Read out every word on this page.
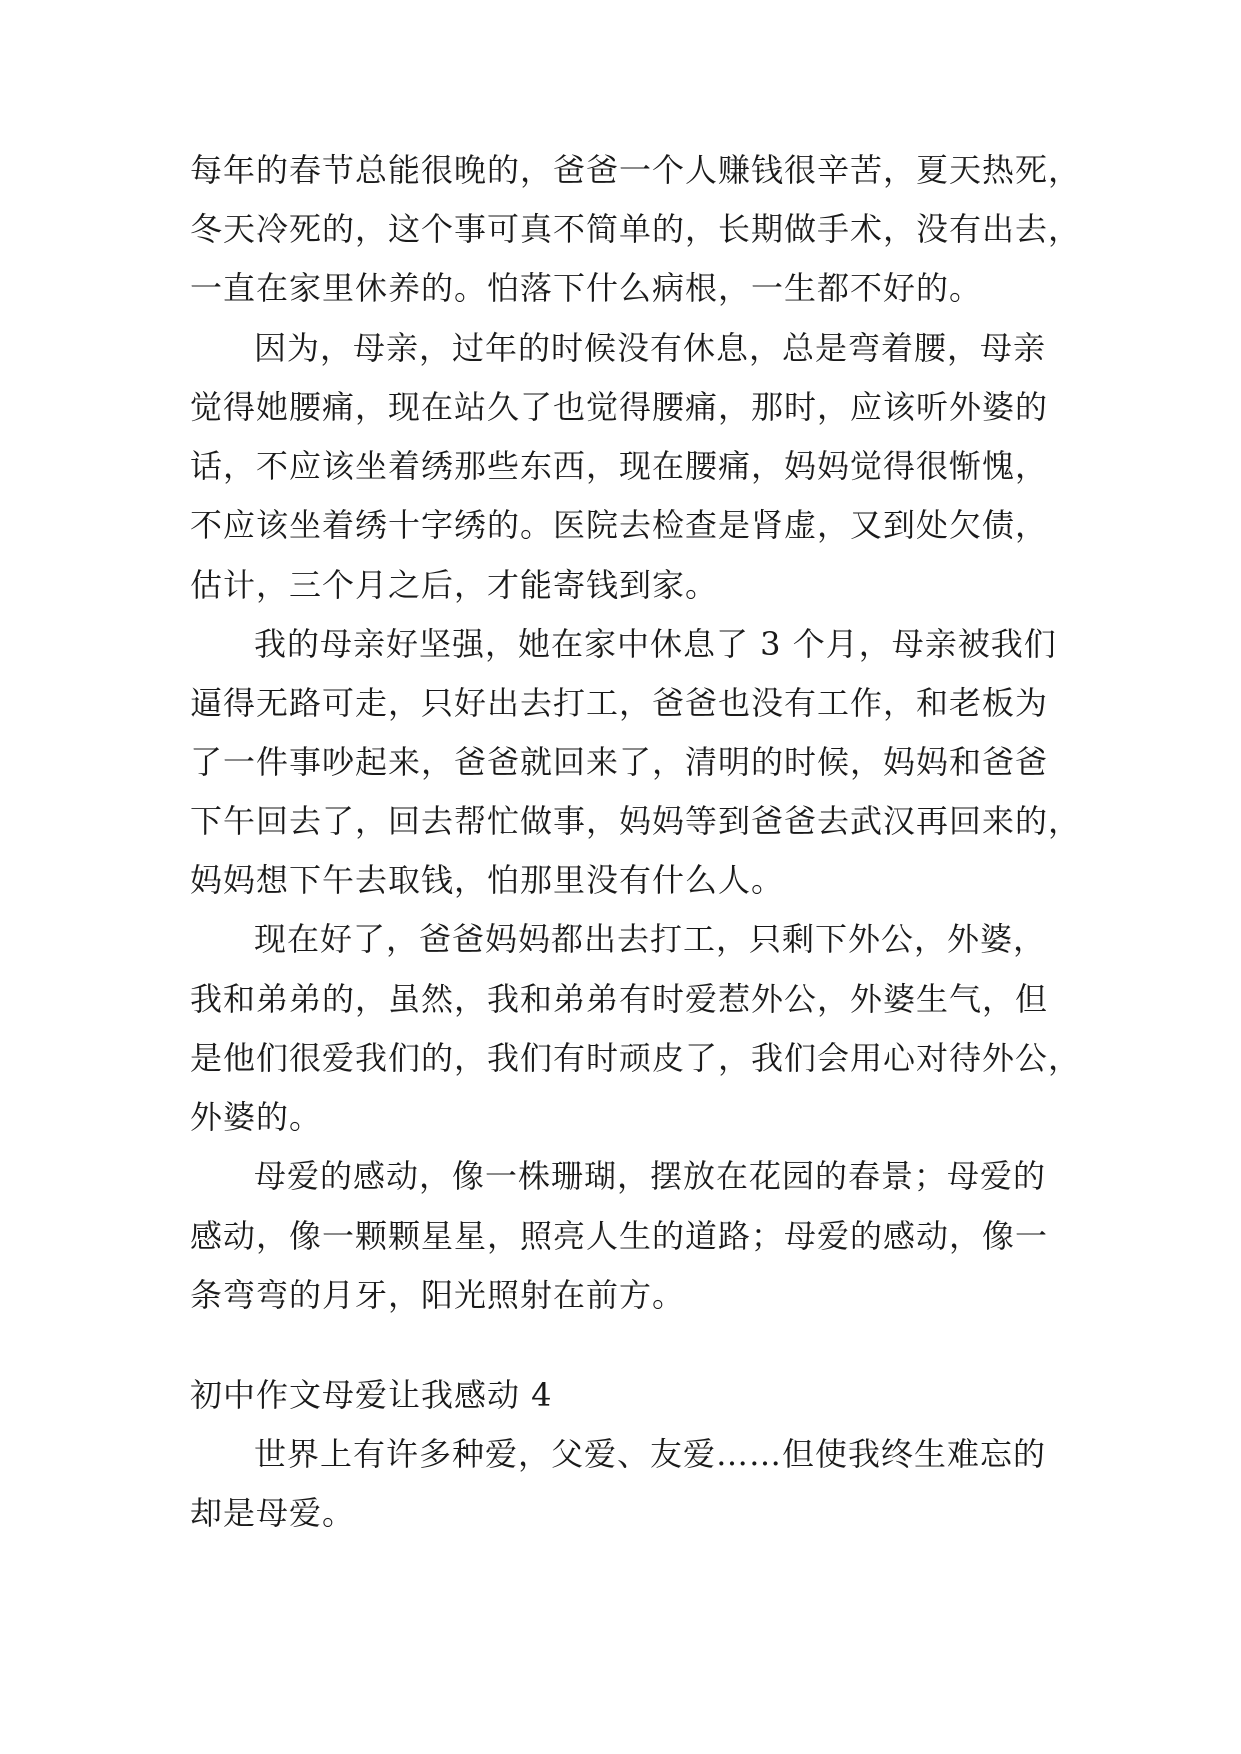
每年的春节总能很晚的，爸爸一个人赚钱很辛苦，夏天热死，
冬天冷死的，这个事可真不简单的，长期做手术，没有出去，
一直在家里休养的。怕落下什么病根，一生都不好的。
因为，母亲，过年的时候没有休息，总是弯着腰，母亲
觉得她腰痛，现在站久了也觉得腰痛，那时，应该听外婆的
话，不应该坐着绣那些东西，现在腰痛，妈妈觉得很惭愧，
不应该坐着绣十字绣的。医院去检查是肾虚，又到处欠债，
估计，三个月之后，才能寄钱到家。
我的母亲好坚强，她在家中休息了 3 个月，母亲被我们
逼得无路可走，只好出去打工，爸爸也没有工作，和老板为
了一件事吵起来，爸爸就回来了，清明的时候，妈妈和爸爸
下午回去了，回去帮忙做事，妈妈等到爸爸去武汉再回来的，
妈妈想下午去取钱，怕那里没有什么人。
现在好了，爸爸妈妈都出去打工，只剩下外公，外婆，
我和弟弟的，虽然，我和弟弟有时爱惹外公，外婆生气，但
是他们很爱我们的，我们有时顽皮了，我们会用心对待外公，
外婆的。
母爱的感动，像一株珊瑚，摆放在花园的春景；母爱的
感动，像一颗颗星星，照亮人生的道路；母爱的感动，像一
条弯弯的月牙，阳光照射在前方。
初中作文母爱让我感动 4
世界上有许多种爱，父爱、友爱……但使我终生难忘的
却是母爱。
